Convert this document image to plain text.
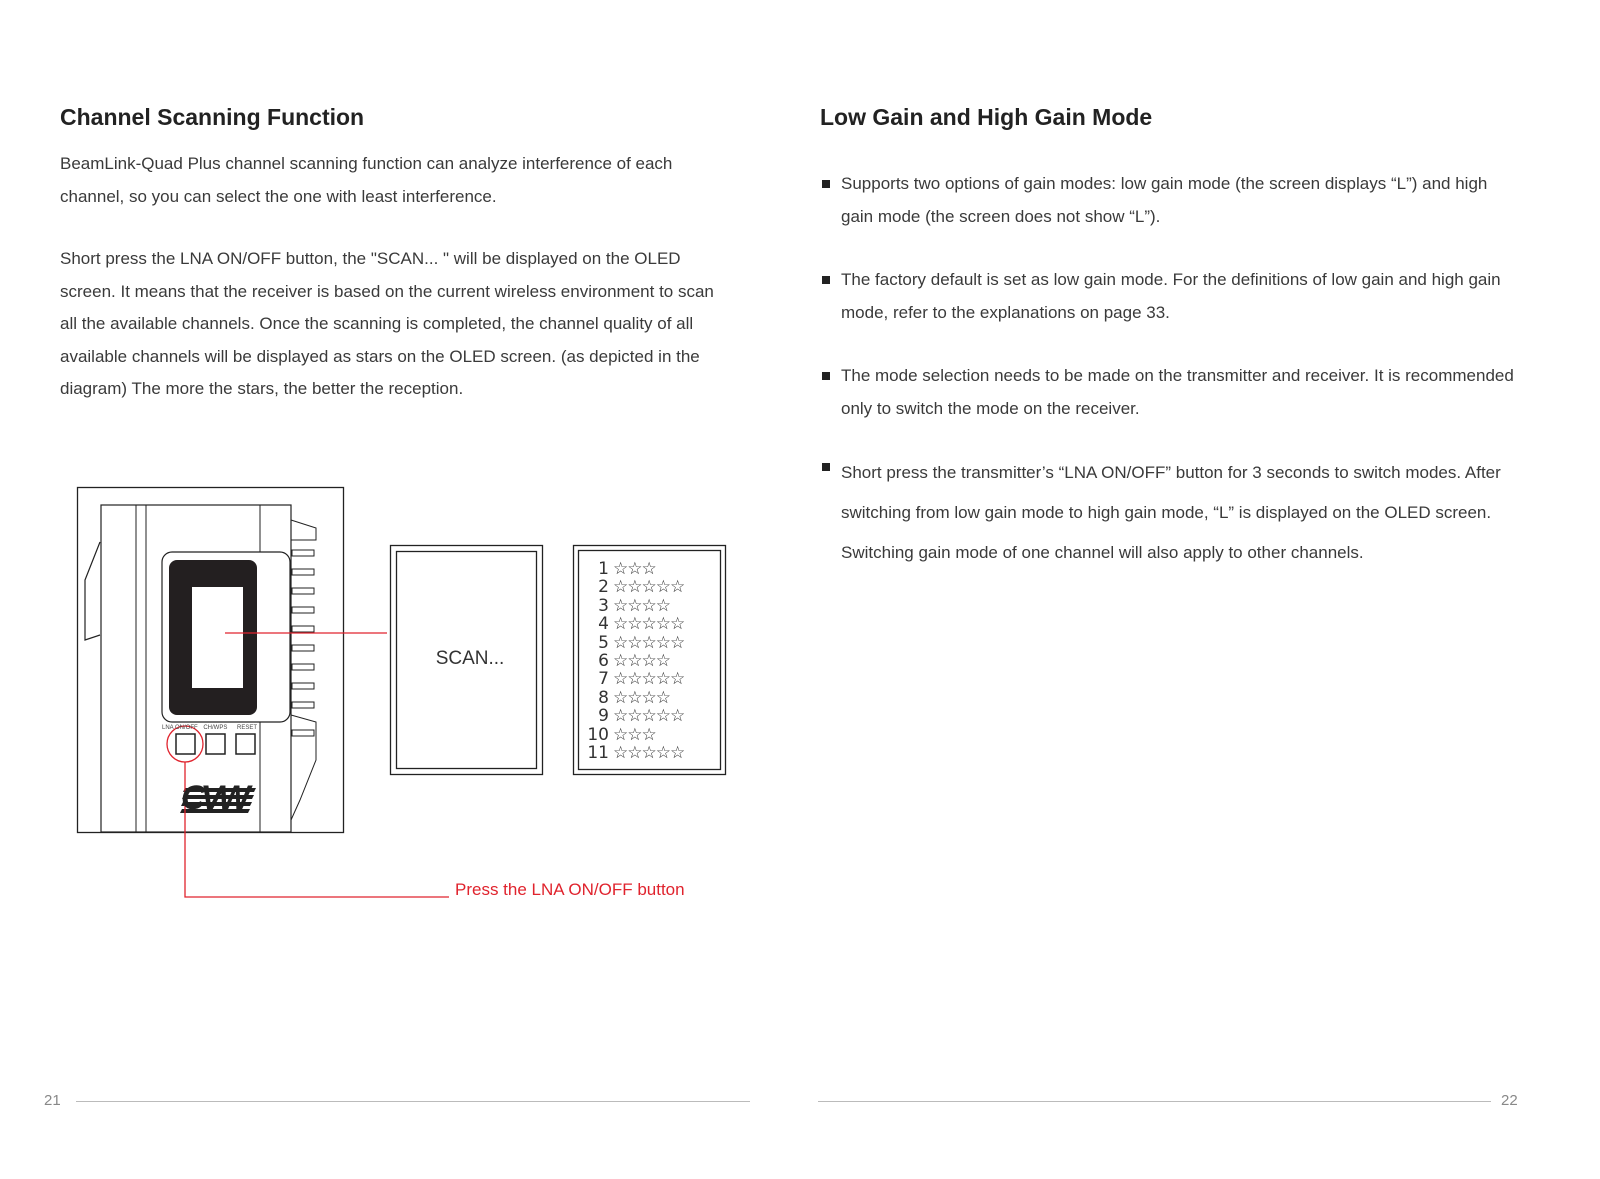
Channel Scanning Function

BeamLink-Quad Plus channel scanning function can analyze interference of each channel, so you can select the one with least interference.

Short press the LNA ON/OFF button, the "SCAN... " will be displayed on the OLED screen. It means that the receiver is based on the current wireless environment to scan all the available channels. Once the scanning is completed, the channel quality of all available channels will be displayed as stars on the OLED screen. (as depicted in the diagram) The more the stars, the better the reception.

LNA ON/OFF CH/WPS RESET
CVW
SCAN...
1 ☆☆☆
2 ☆☆☆☆☆
3 ☆☆☆☆
4 ☆☆☆☆☆
5 ☆☆☆☆☆
6 ☆☆☆☆
7 ☆☆☆☆☆
8 ☆☆☆☆
9 ☆☆☆☆☆
10 ☆☆☆
11 ☆☆☆☆☆
Press the LNA ON/OFF button
21
Low Gain and High Gain Mode
Supports two options of gain modes: low gain mode (the screen displays “L”) and high gain mode (the screen does not show “L”).
The factory default is set as low gain mode. For the definitions of low gain and high gain mode, refer to the explanations on page 33.
The mode selection needs to be made on the transmitter and receiver. It is recommended only to switch the mode on the receiver.
Short press the transmitter’s “LNA ON/OFF” button for 3 seconds to switch modes. After switching from low gain mode to high gain mode, “L” is displayed on the OLED screen. Switching gain mode of one channel will also apply to other channels.
22
